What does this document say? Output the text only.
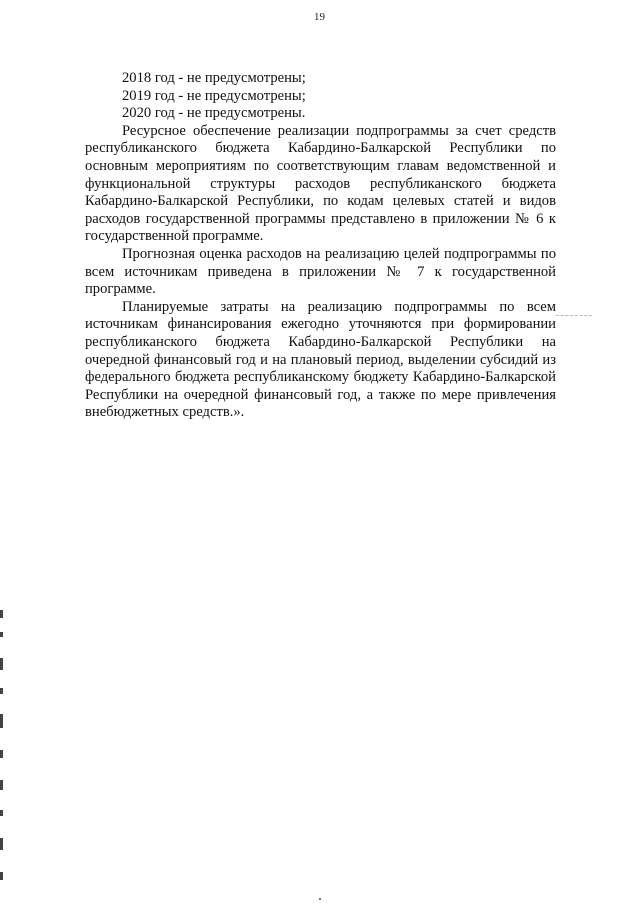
19

2018 год - не предусмотрены;

2019 год - не предусмотрены;

2020 год - не предусмотрены.

Ресурсное обеспечение реализации подпрограммы за счет средств республиканского бюджета Кабардино-Балкарской Республики по основным мероприятиям по соответствующим главам ведомственной и функциональной структуры расходов республиканского бюджета Кабардино-Балкарской Республики, по кодам целевых статей и видов расходов государственной программы представлено в приложении № 6 к государственной программе.

Прогнозная оценка расходов на реализацию целей подпрограммы по всем источникам приведена в приложении № 7 к государственной программе.

Планируемые затраты на реализацию подпрограммы по всем источникам финансирования ежегодно уточняются при формировании республиканского бюджета Кабардино-Балкарской Республики на очередной финансовый год и на плановый период, выделении субсидий из федерального бюджета республиканскому бюджету Кабардино-Балкарской Республики на очередной финансовый год, а также по мере привлечения внебюджетных средств.».
